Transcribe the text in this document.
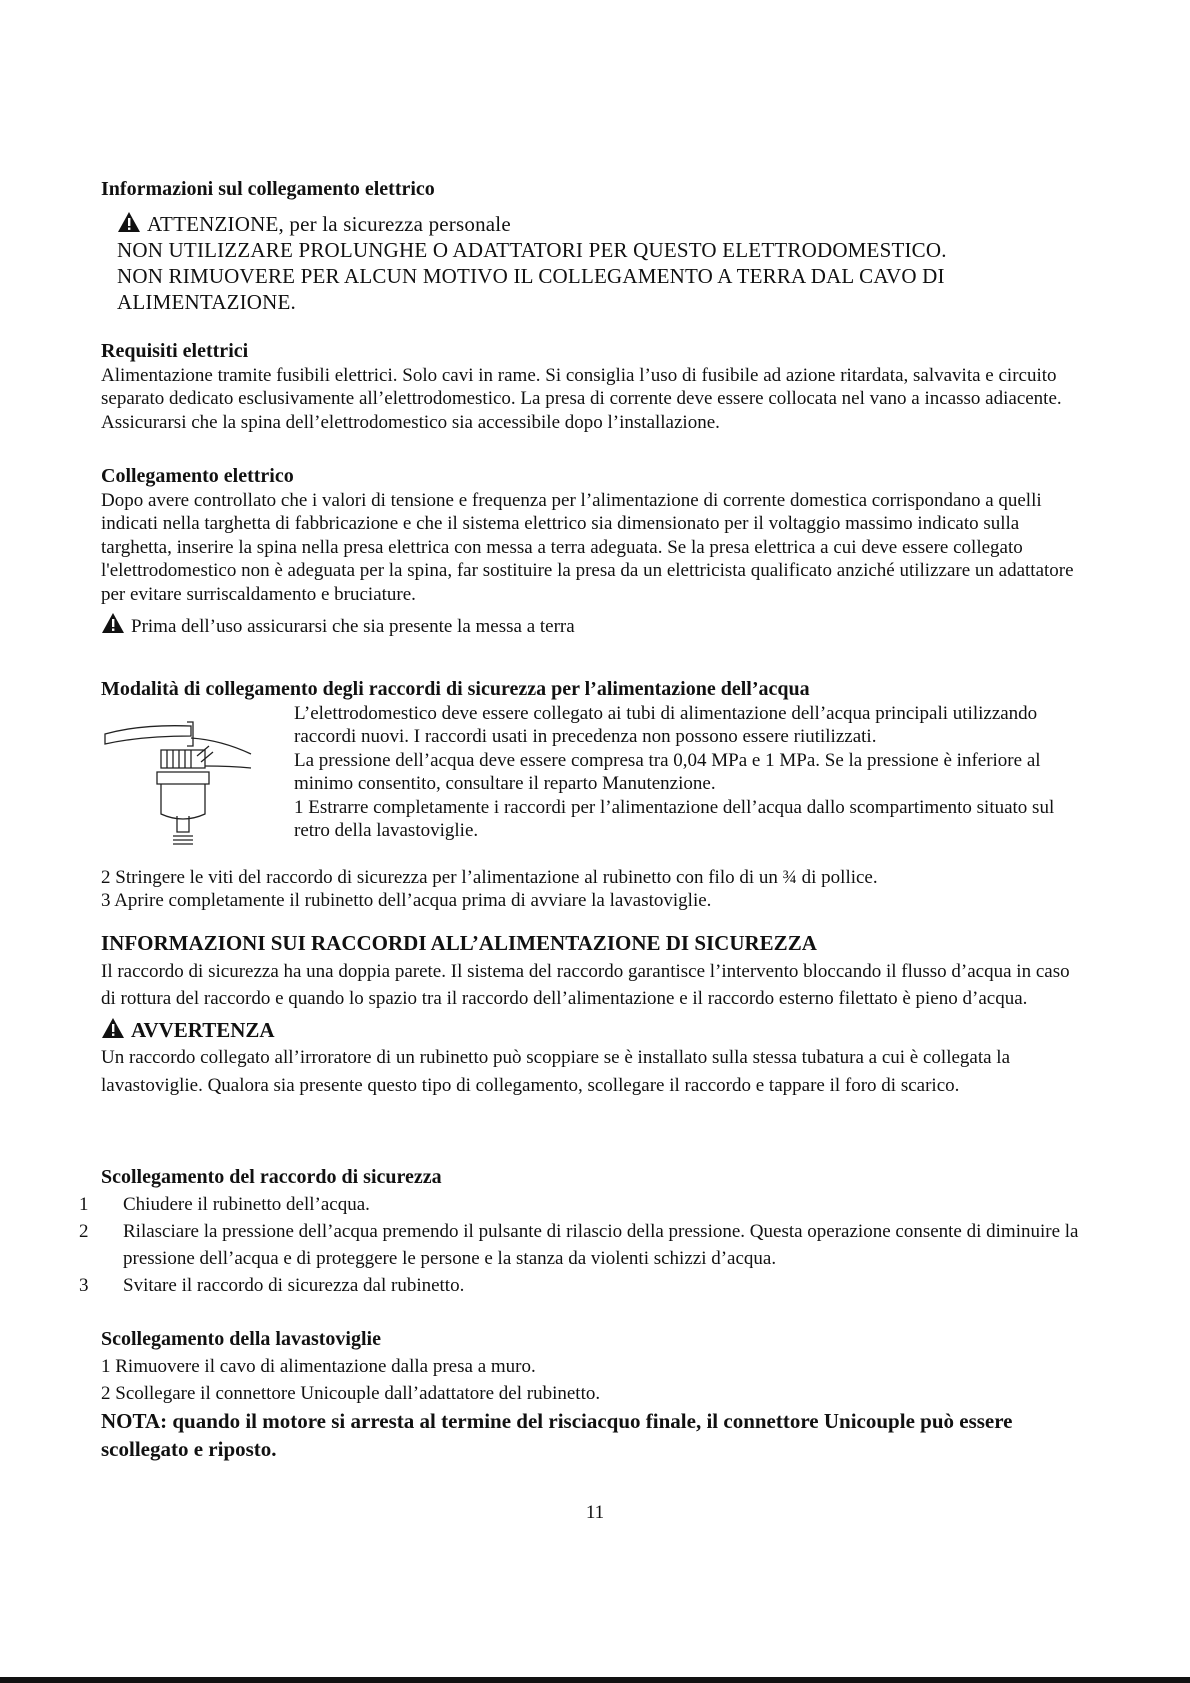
Informazioni sul collegamento elettrico
ATTENZIONE, per la sicurezza personale
NON UTILIZZARE PROLUNGHE O ADATTATORI PER QUESTO ELETTRODOMESTICO.
NON RIMUOVERE PER ALCUN MOTIVO IL COLLEGAMENTO A TERRA DAL CAVO DI
ALIMENTAZIONE.
Requisiti elettrici
Alimentazione tramite fusibili elettrici. Solo cavi in rame. Si consiglia l’uso di fusibile ad azione ritardata, salvavita e circuito separato dedicato esclusivamente all’elettrodomestico. La presa di corrente deve essere collocata nel vano a incasso adiacente.
Assicurarsi che la spina dell’elettrodomestico sia accessibile dopo l’installazione.
Collegamento elettrico
Dopo avere controllato che i valori di tensione e frequenza per l’alimentazione di corrente domestica corrispondano a quelli indicati nella targhetta di fabbricazione e che il sistema elettrico sia dimensionato per il voltaggio massimo indicato sulla targhetta, inserire la spina nella presa elettrica con messa a terra adeguata. Se la presa elettrica a cui deve essere collegato l'elettrodomestico non è adeguata per la spina, far sostituire la presa da un elettricista qualificato anziché utilizzare un adattatore per evitare surriscaldamento e bruciature.
Prima dell’uso assicurarsi che sia presente la messa a terra
Modalità di collegamento degli raccordi di sicurezza per l’alimentazione dell’acqua
L’elettrodomestico deve essere collegato ai tubi di alimentazione dell’acqua principali utilizzando raccordi nuovi. I raccordi usati in precedenza non possono essere riutilizzati.
La pressione dell’acqua deve essere compresa tra 0,04 MPa e 1 MPa. Se la pressione è inferiore al minimo consentito, consultare il reparto Manutenzione.
1 Estrarre completamente i raccordi per l’alimentazione dell’acqua dallo scompartimento situato sul retro della lavastoviglie.
2 Stringere le viti del raccordo di sicurezza per l’alimentazione al rubinetto con filo di un ¾ di pollice.
3 Aprire completamente il rubinetto dell’acqua prima di avviare la lavastoviglie.
INFORMAZIONI SUI RACCORDI ALL’ALIMENTAZIONE DI SICUREZZA
Il raccordo di sicurezza ha una doppia parete. Il sistema del raccordo garantisce l’intervento bloccando il flusso d’acqua in caso di rottura del raccordo e quando lo spazio tra il raccordo dell’alimentazione e il raccordo esterno filettato è pieno d’acqua.
AVVERTENZA
Un raccordo collegato all’irroratore di un rubinetto può scoppiare se è installato sulla stessa tubatura a cui è collegata la lavastoviglie. Qualora sia presente questo tipo di collegamento, scollegare il raccordo e tappare il foro di scarico.
Scollegamento del raccordo di sicurezza
1 Chiudere il rubinetto dell’acqua.
2 Rilasciare la pressione dell’acqua premendo il pulsante di rilascio della pressione. Questa operazione consente di diminuire la pressione dell’acqua e di proteggere le persone e la stanza da violenti schizzi d’acqua.
3 Svitare il raccordo di sicurezza dal rubinetto.
Scollegamento della lavastoviglie
1 Rimuovere il cavo di alimentazione dalla presa a muro.
2 Scollegare il connettore Unicouple dall’adattatore del rubinetto.
NOTA: quando il motore si arresta al termine del risciacquo finale, il connettore Unicouple può essere scollegato e riposto.
11
